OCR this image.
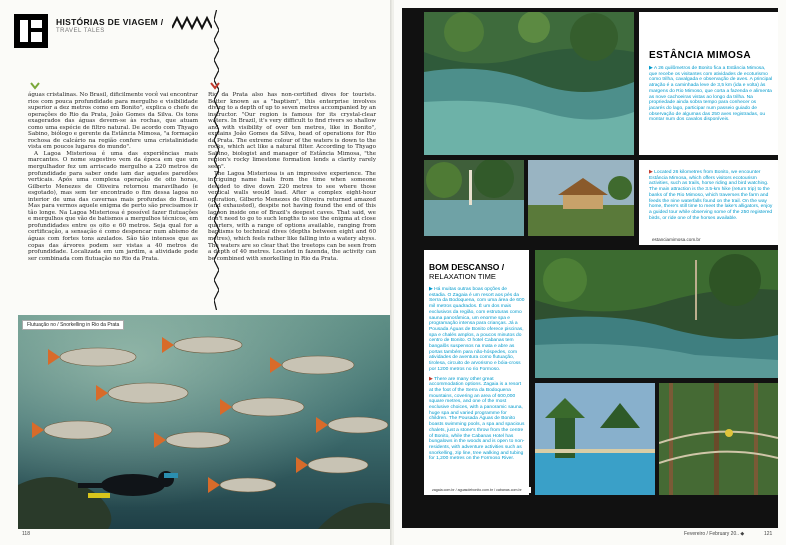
HISTÓRIAS DE VIAGEM /
TRAVEL TALES

águas cristalinas. No Brasil, dificilmente você vai encontrar rios com pouca profundidade para mergulho e visibilidade superior a dez metros como em Bonito", explica o chefe de operações do Rio da Prata, João Gomes da Silva. Os tons exagerados das águas devem-se às rochas, que atuam como uma espécie de filtro natural. De acordo com Thyago Sabino, biólogo e gerente da Estância Mimosa, "a formação rochosa de calcário na região confere uma cristalinidade vista em poucos lugares do mundo".

A Lagoa Misteriosa é uma das experiências mais marcantes. O nome sugestivo vem da época em que um mergulhador fez um arriscado mergulho a 220 metros de profundidade para saber onde iam dar aqueles paredões verticais. Após uma complexa operação de oito horas, Gilberto Menezes de Oliveira retornou maravilhado (e esgotado), mas sem ter encontrado o fim dessa lagoa no interior de uma das cavernas mais profundas do Brasil. Mas para vermos aquele enigma de perto são precisamos ir tão longe. Na Lagoa Misteriosa é possível fazer flutuações e mergulhos que vão de batismos a mergulhos técnicos, em profundidades entre os oito e 60 metros. Seja qual for a certificação, a sensação é como despencar num abismo de águas com fortes tons azulados. São tão intensos que as copas das árvores podem ser vistas a 40 metros de profundidade. Localizada em um jardim, a atividade pode ser combinada com flutuação no Rio da Prata.

Rio da Prata also has non-certified dives for tourists. Better known as a "baptism", this enterprise involves diving to a depth of up to seven metres accompanied by an instructor. "Our region is famous for its crystal-clear waters. In Brazil, it's very difficult to find rivers so shallow and with visibility of over ten metres, like in Bonito", explains João Gomes da Silva, head of operations for Rio da Prata. The extreme colour of the waters is down to the rocks, which act like a natural filter. According to Thyago Sabino, biologist and manager of Estância Mimosa, "the region's rocky limestone formation lends a clarity rarely seen".

The Lagoa Misteriosa is an impressive experience. The intriguing name hails from the time when someone decided to dive down 220 metres to see where those vertical walls would lead. After a complex eight-hour operation, Gilberto Menezes de Oliveira returned amazed (and exhausted), despite not having found the end of this lagoon inside one of Brazil's deepest caves. That said, we don't need to go to such lengths to see the enigma at close quarters, with a range of options available, ranging from baptisms to technical dives (depths between eight and 60 metres), which feels rather like falling into a watery abyss. The waters are so clear that the treetops can be seen from a depth of 40 metres. Located in fazenda, the activity can be combined with snorkelling in Rio da Prata.

Flutuação no / Snorkelling in Rio da Prata
118
ESTÂNCIA MIMOSA

▶ A 26 quilômetros de Bonito fica a Estância Mimosa, que recebe os visitantes com atividades de ecoturismo como trilha, cavalgada e observação de aves. A principal atração é a caminhada leve de 3,5 km (ida e volta) às margens do Rio Mimoso, que corta a fazenda e alimenta as nove cachoeiras vistas ao longo da trilha. Na propriedade ainda sobra tempo para conhecer os jacarés do lago, participar num passeio guiado de observação de algumas das 250 aves registradas, ou montar num dos cavalos disponíveis.

▶ Located 26 kilometres from Bonito, we encounter Estância Mimosa, which offers visitors ecotourism activities, such as trails, horse riding and bird watching. The main attraction is the 3.5-km hike (return trip) to the banks of the Rio Mimoso, which traverses the farm and feeds the nine waterfalls found on the trail. On the way home, there's still time to meet the lake's alligators, enjoy a guided tour while observing some of the 250 registered birds, or ride one of the horses available.

estanciamimosa.com.br
BOM DESCANSO /
RELAXATION TIME

▶ Há muitas outras boas opções de estadia. O Zagaia é um resort aos pés da Serra da Bodoquena, com uma área de 600 mil metros quadrados. É um dos mais exclusivos da região, com estruturas como sauna panorâmica, um enorme spa e programação intensa para crianças. Já a Pousada Águas de Bonito oferece piscinas, spa e chalés amplos, a poucos minutos do centro de Bonito. O hotel Cabanas tem bangalôs suspensos na mata e abre as portas também para não-hóspedes, com atividades de aventura como flutuação, tirolesa, circuito de arvorismo e bóia-cross por 1200 metros no rio Formoso.

▶ There are many other great accommodation options. Zagaia is a resort at the foot of the Serra da Bodoquena mountains, covering an area of 600,000 square metres, and one of the most exclusive choices, with a panoramic sauna, huge spa and varied programme for children. The Pousada Águas de Bonito boasts swimming pools, a spa and spacious chalets, just a stone's throw from the centre of Bonito, while the Cabanas Hotel has bungalows in the woods and is open to non-residents, with adventure activities such as snorkelling, zip line, tree walking and tubing for 1,200 metres on the Formoso River.

zagaia.com.br / aguasdebonito.com.br / cabanas.com.br
Fevereiro / February 20.. ◆	121
